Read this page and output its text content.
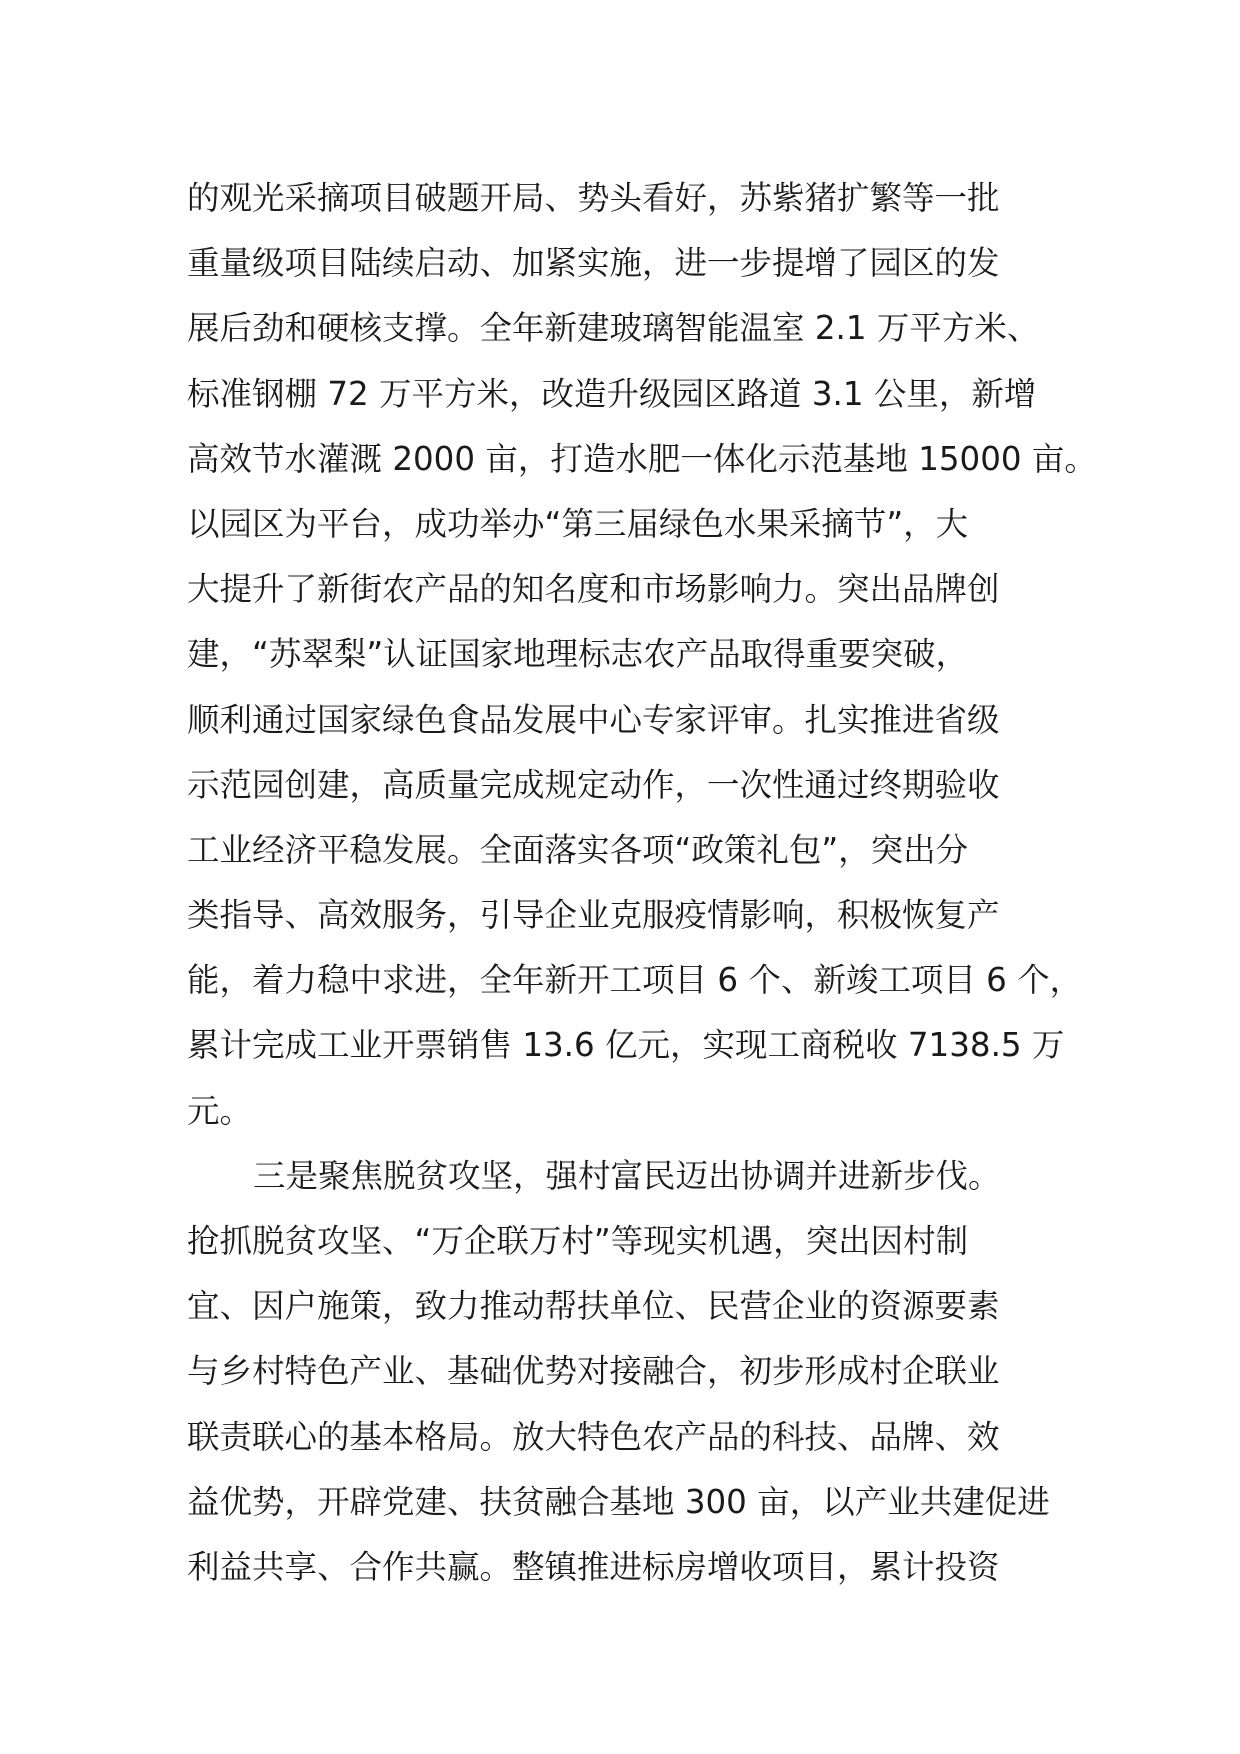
的观光采摘项目破题开局、势头看好，苏紫猪扩繁等一批
重量级项目陆续启动、加紧实施，进一步提增了园区的发
展后劲和硬核支撑。全年新建玻璃智能温室 2.1 万平方米、
标准钢棚 72 万平方米，改造升级园区路道 3.1 公里，新增
高效节水灌溉 2000 亩，打造水肥一体化示范基地 15000 亩。
以园区为平台，成功举办“第三届绿色水果采摘节”，大
大提升了新街农产品的知名度和市场影响力。突出品牌创
建，“苏翠梨”认证国家地理标志农产品取得重要突破，
顺利通过国家绿色食品发展中心专家评审。扎实推进省级
示范园创建，高质量完成规定动作，一次性通过终期验收
工业经济平稳发展。全面落实各项“政策礼包”，突出分
类指导、高效服务，引导企业克服疫情影响，积极恢复产
能，着力稳中求进，全年新开工项目 6 个、新竣工项目 6 个，
累计完成工业开票销售 13.6 亿元，实现工商税收 7138.5 万
元。
三是聚焦脱贫攻坚，强村富民迈出协调并进新步伐。
抢抓脱贫攻坚、“万企联万村”等现实机遇，突出因村制
宜、因户施策，致力推动帮扶单位、民营企业的资源要素
与乡村特色产业、基础优势对接融合，初步形成村企联业
联责联心的基本格局。放大特色农产品的科技、品牌、效
益优势，开辟党建、扶贫融合基地 300 亩，以产业共建促进
利益共享、合作共赢。整镇推进标房增收项目，累计投资
